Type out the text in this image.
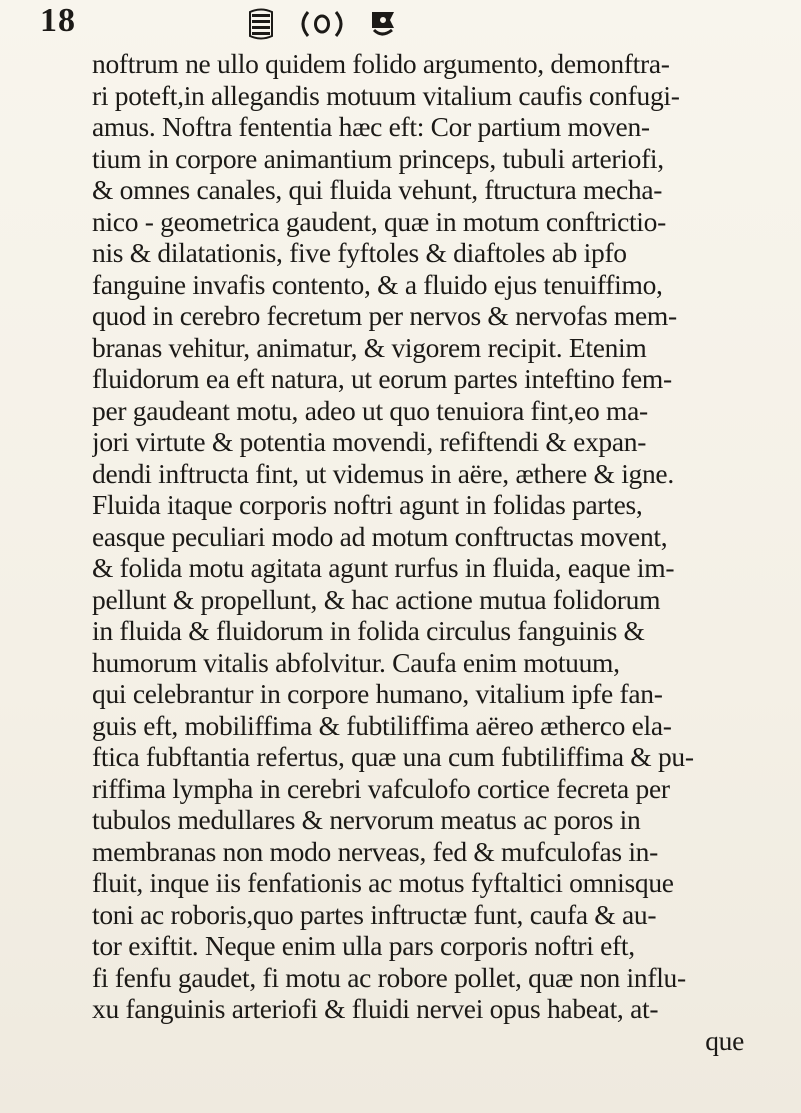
18
noftrum ne ullo quidem folido argumento, demonftra-
ri poteft,in allegandis motuum vitalium caufis confugi-
amus. Noftra fententia hæc eft: Cor partium moven-
tium in corpore animantium princeps, tubuli arteriofi,
& omnes canales, qui fluida vehunt, ftructura mecha-
nico - geometrica gaudent, quæ in motum conftrictio-
nis & dilatationis, five fyftoles & diaftoles ab ipfo
fanguine invafis contento, & a fluido ejus tenuiffimo,
quod in cerebro fecretum per nervos & nervofas mem-
branas vehitur, animatur, & vigorem recipit. Etenim
fluidorum ea eft natura, ut eorum partes inteftino fem-
per gaudeant motu, adeo ut quo tenuiora fint,eo ma-
jori virtute & potentia movendi, refiftendi & expan-
dendi inftructa fint, ut videmus in aëre, æthere & igne.
Fluida itaque corporis noftri agunt in folidas partes,
easque peculiari modo ad motum conftructas movent,
& folida motu agitata agunt rurfus in fluida, eaque im-
pellunt & propellunt, & hac actione mutua folidorum
in fluida & fluidorum in folida circulus fanguinis &
humorum vitalis abfolvitur. Caufa enim motuum,
qui celebrantur in corpore humano, vitalium ipfe fan-
guis eft, mobiliffima & fubtiliffima aëreo ætherco ela-
ftica fubftantia refertus, quæ una cum fubtiliffima & pu-
riffima lympha in cerebri vafculofo cortice fecreta per
tubulos medullares & nervorum meatus ac poros in
membranas non modo nerveas, fed & mufculofas in-
fluit, inque iis fenfationis ac motus fyftaltici omnisque
toni ac roboris,quo partes inftructæ funt, caufa & au-
tor exiftit. Neque enim ulla pars corporis noftri eft,
fi fenfu gaudet, fi motu ac robore pollet, quæ non influ-
xu fanguinis arteriofi & fluidi nervei opus habeat, at-
que
